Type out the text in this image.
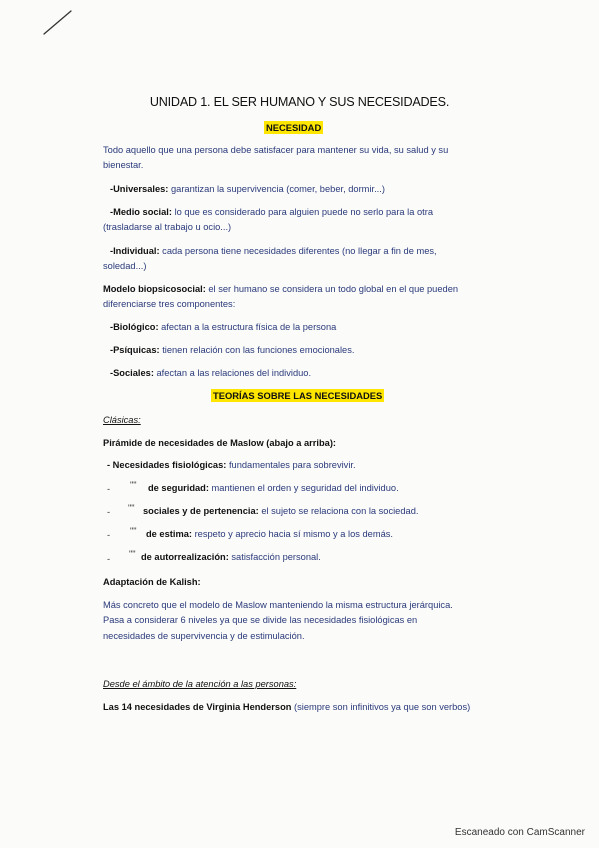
UNIDAD 1. EL SER HUMANO Y SUS NECESIDADES.
NECESIDAD
Todo aquello que una persona debe satisfacer para mantener su vida, su salud y su
bienestar.
-Universales: garantizan la supervivencia (comer, beber, dormir...)
-Medio social: lo que es considerado para alguien puede no serlo para la otra
(trasladarse al trabajo u ocio...)
-Individual: cada persona tiene necesidades diferentes (no llegar a fin de mes,
soledad...)
Modelo biopsicosocial: el ser humano se considera un todo global en el que pueden
diferenciarse tres componentes:
-Biológico: afectan a la estructura física de la persona
-Psíquicas: tienen relación con las funciones emocionales.
-Sociales: afectan a las relaciones del individuo.
TEORÍAS SOBRE LAS NECESIDADES
Clásicas:
Pirámide de necesidades de Maslow (abajo a arriba):
- Necesidades fisiológicas: fundamentales para sobrevivir.
- "" de seguridad: mantienen el orden y seguridad del individuo.
- "" sociales y de pertenencia: el sujeto se relaciona con la sociedad.
- "" de estima: respeto y aprecio hacia sí mismo y a los demás.
- "" de autorrealización: satisfacción personal.
Adaptación de Kalish:
Más concreto que el modelo de Maslow manteniendo la misma estructura jerárquica.
Pasa a considerar 6 niveles ya que se divide las necesidades fisiológicas en
necesidades de supervivencia y de estimulación.
Desde el ámbito de la atención a las personas:
Las 14 necesidades de Virginia Henderson (siempre son infinitivos ya que son verbos)
Escaneado con CamScanner
